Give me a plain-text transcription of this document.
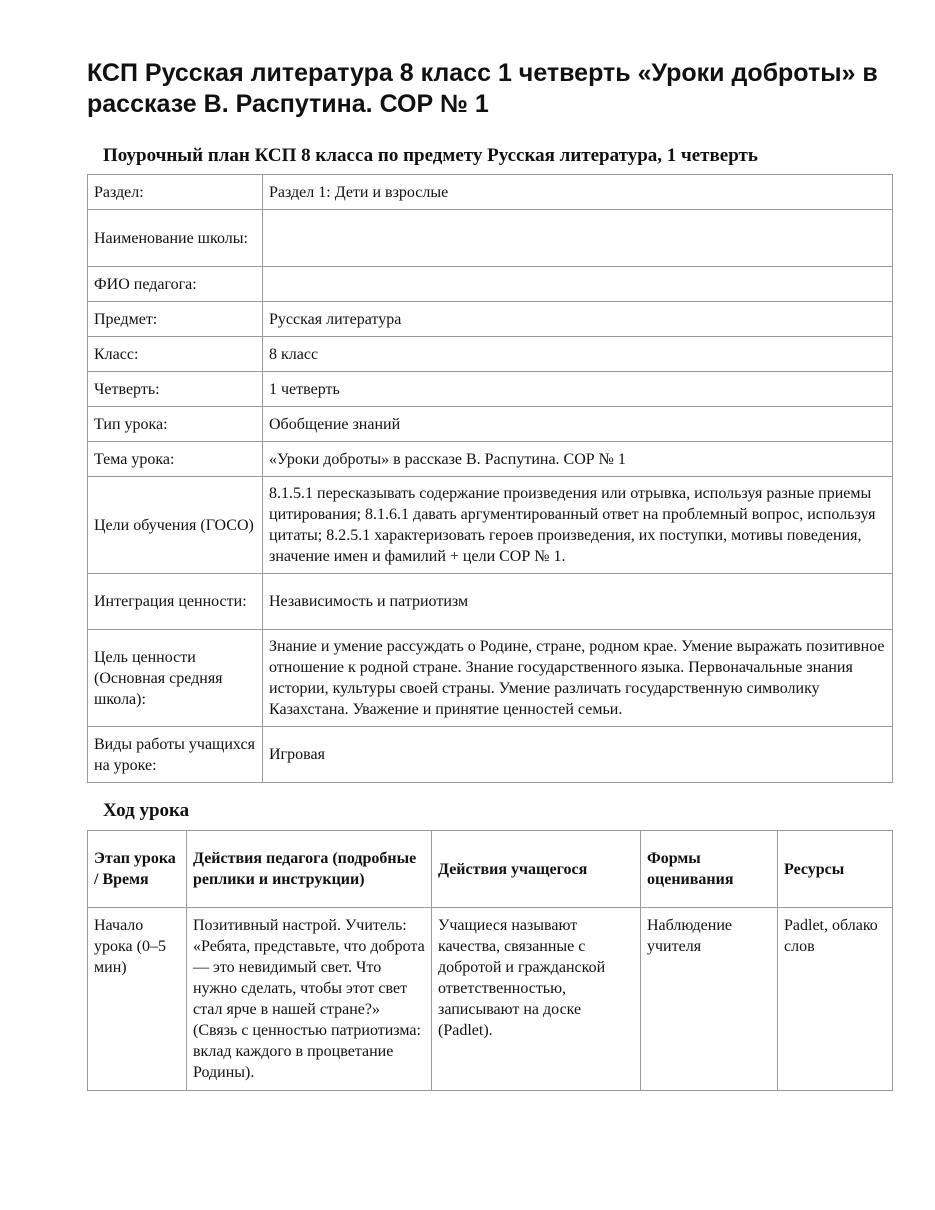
КСП Русская литература 8 класс 1 четверть «Уроки доброты» в рассказе В. Распутина. СОР № 1
Поурочный план КСП 8 класса по предмету Русская литература, 1 четверть
Раздел:	Раздел 1: Дети и взрослые
Наименование школы:	
ФИО педагога:	
Предмет:	Русская литература
Класс:	8 класс
Четверть:	1 четверть
Тип урока:	Обобщение знаний
Тема урока:	«Уроки доброты» в рассказе В. Распутина. СОР № 1
Цели обучения (ГОСО)	8.1.5.1 пересказывать содержание произведения или отрывка, используя разные приемы цитирования; 8.1.6.1 давать аргументированный ответ на проблемный вопрос, используя цитаты; 8.2.5.1 характеризовать героев произведения, их поступки, мотивы поведения, значение имен и фамилий + цели СОР № 1.
Интеграция ценности:	Независимость и патриотизм
Цель ценности (Основная средняя школа):	Знание и умение рассуждать о Родине, стране, родном крае. Умение выражать позитивное отношение к родной стране. Знание государственного языка. Первоначальные знания истории, культуры своей страны. Умение различать государственную символику Казахстана. Уважение и принятие ценностей семьи.
Виды работы учащихся на уроке:	Игровая
Ход урока
Этап урока / Время	Действия педагога (подробные реплики и инструкции)	Действия учащегося	Формы оценивания	Ресурсы
Начало урока (0–5 мин)	Позитивный настрой. Учитель: «Ребята, представьте, что доброта — это невидимый свет. Что нужно сделать, чтобы этот свет стал ярче в нашей стране?» (Связь с ценностью патриотизма: вклад каждого в процветание Родины).	Учащиеся называют качества, связанные с добротой и гражданской ответственностью, записывают на доске (Padlet).	Наблюдение учителя	Padlet, облако слов
